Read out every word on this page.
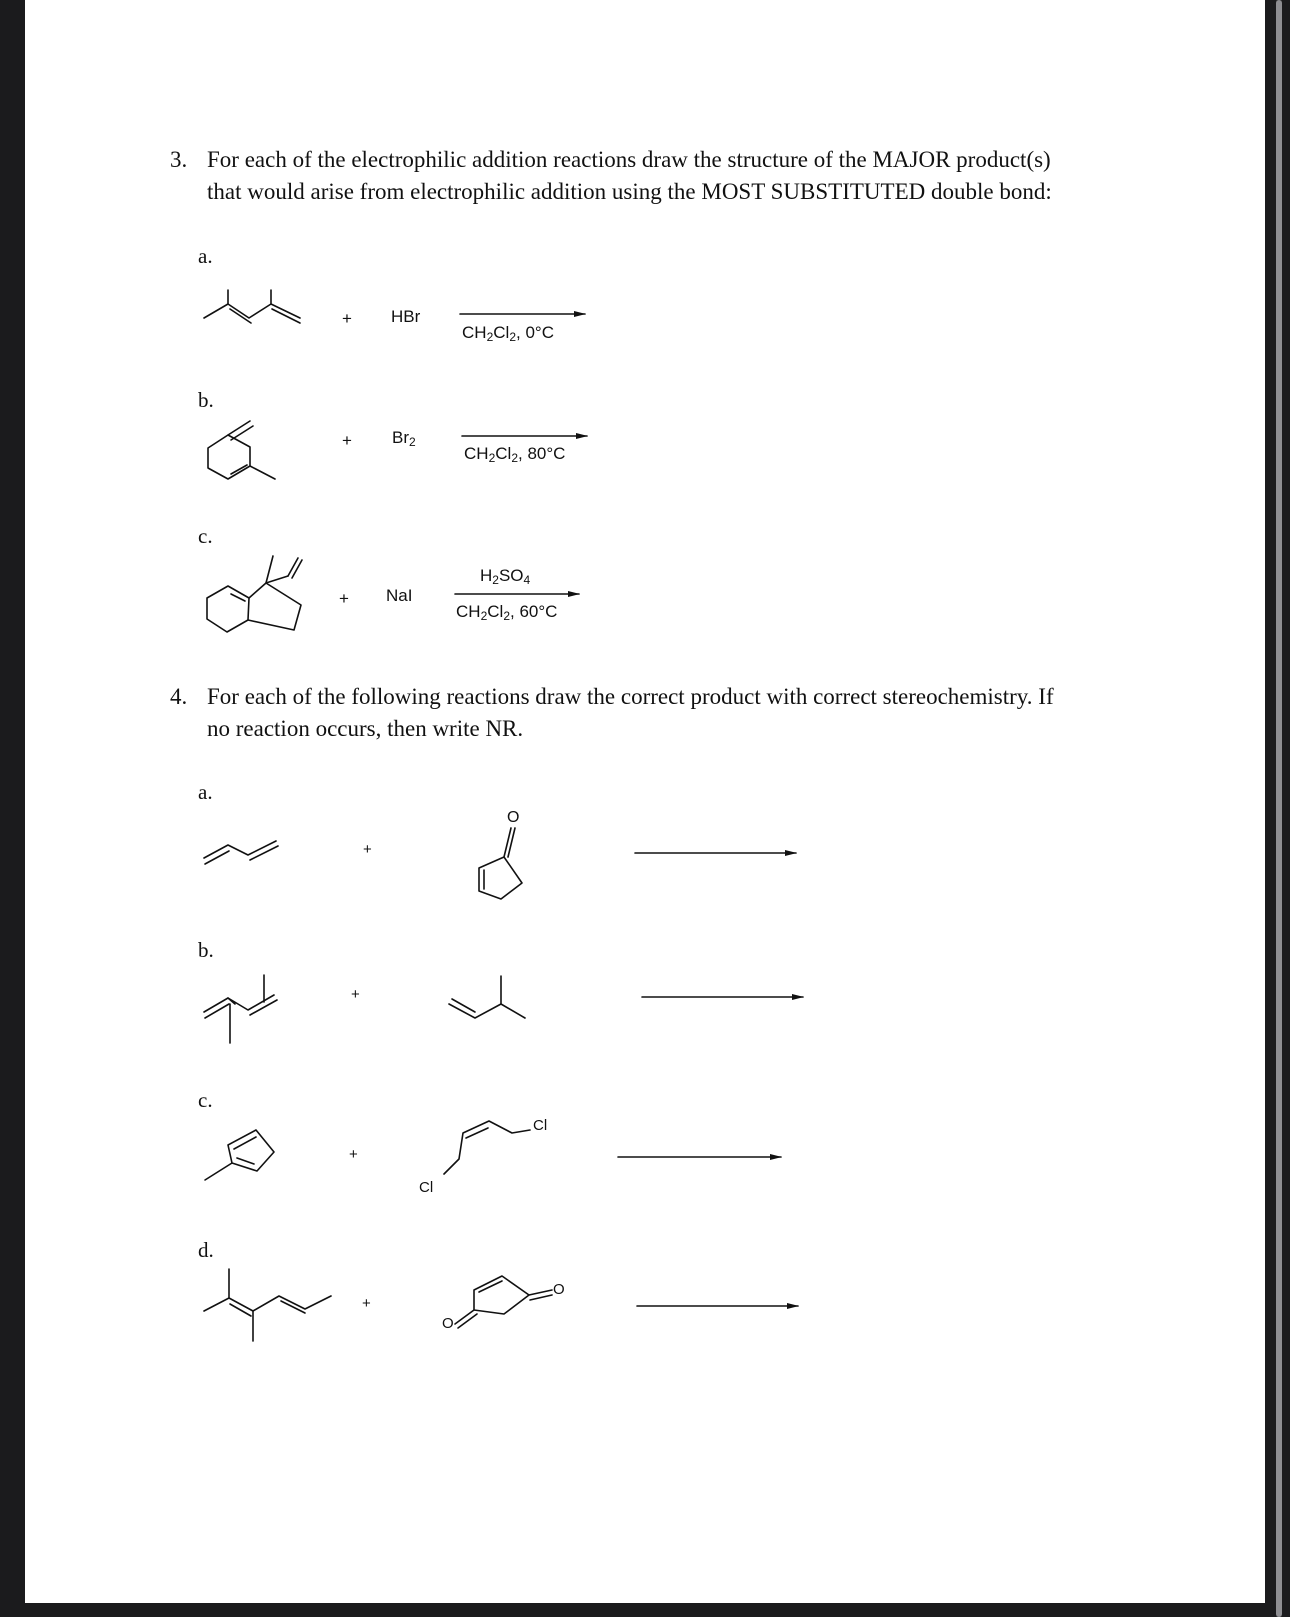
3. For each of the electrophilic addition reactions draw the structure of the MAJOR product(s)
that would arise from electrophilic addition using the MOST SUBSTITUTED double bond:
a.
b.
c.
+ HBr
$CH_2Cl_2$, 0°C
+ $Br_2$
$CH_2Cl_2$, 80°C
+ NaI
$H_2SO_4$
$CH_2Cl_2$, 60°C
4. For each of the following reactions draw the correct product with correct stereochemistry. If
no reaction occurs, then write NR.
a.
b.
c.
d.
+
+
+
+
O
Cl
Cl
O
O
